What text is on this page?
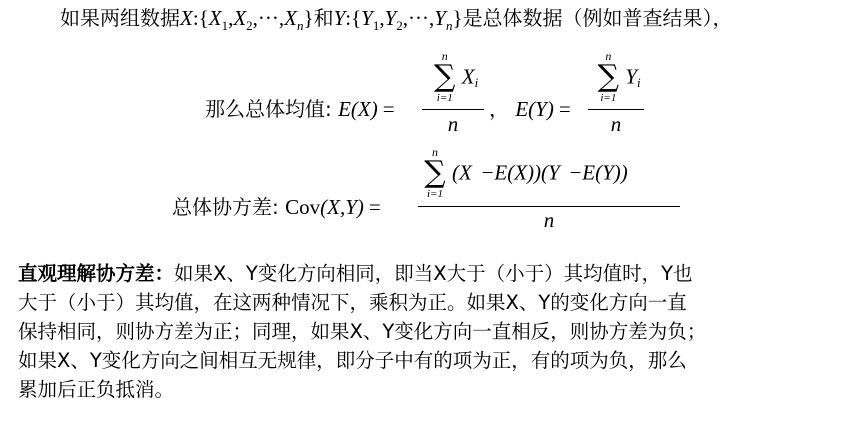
如果两组数据$X:\{X_1,X_2,\cdot\cdot\cdot,X_n\}$和$Y:\{Y_1,Y_2,\cdot\cdot\cdot,Y_n\}$是总体数据（例如普查结果），
那么总体均值: E(X) =
n
∑
i=1
$X_i$
n
， E(Y) =
n
∑
i=1
$Y_i$
n
总体协方差: Cov(X,Y) =
n
∑
i=1
(X  −E(X))(Y  −E(Y))
n
直观理解协方差：如果X、Y变化方向相同，即当X大于（小于）其均值时，Y也
大于（小于）其均值，在这两种情况下，乘积为正。如果X、Y的变化方向一直
保持相同，则协方差为正；同理，如果X、Y变化方向一直相反，则协方差为负；
如果X、Y变化方向之间相互无规律，即分子中有的项为正，有的项为负，那么
累加后正负抵消。
